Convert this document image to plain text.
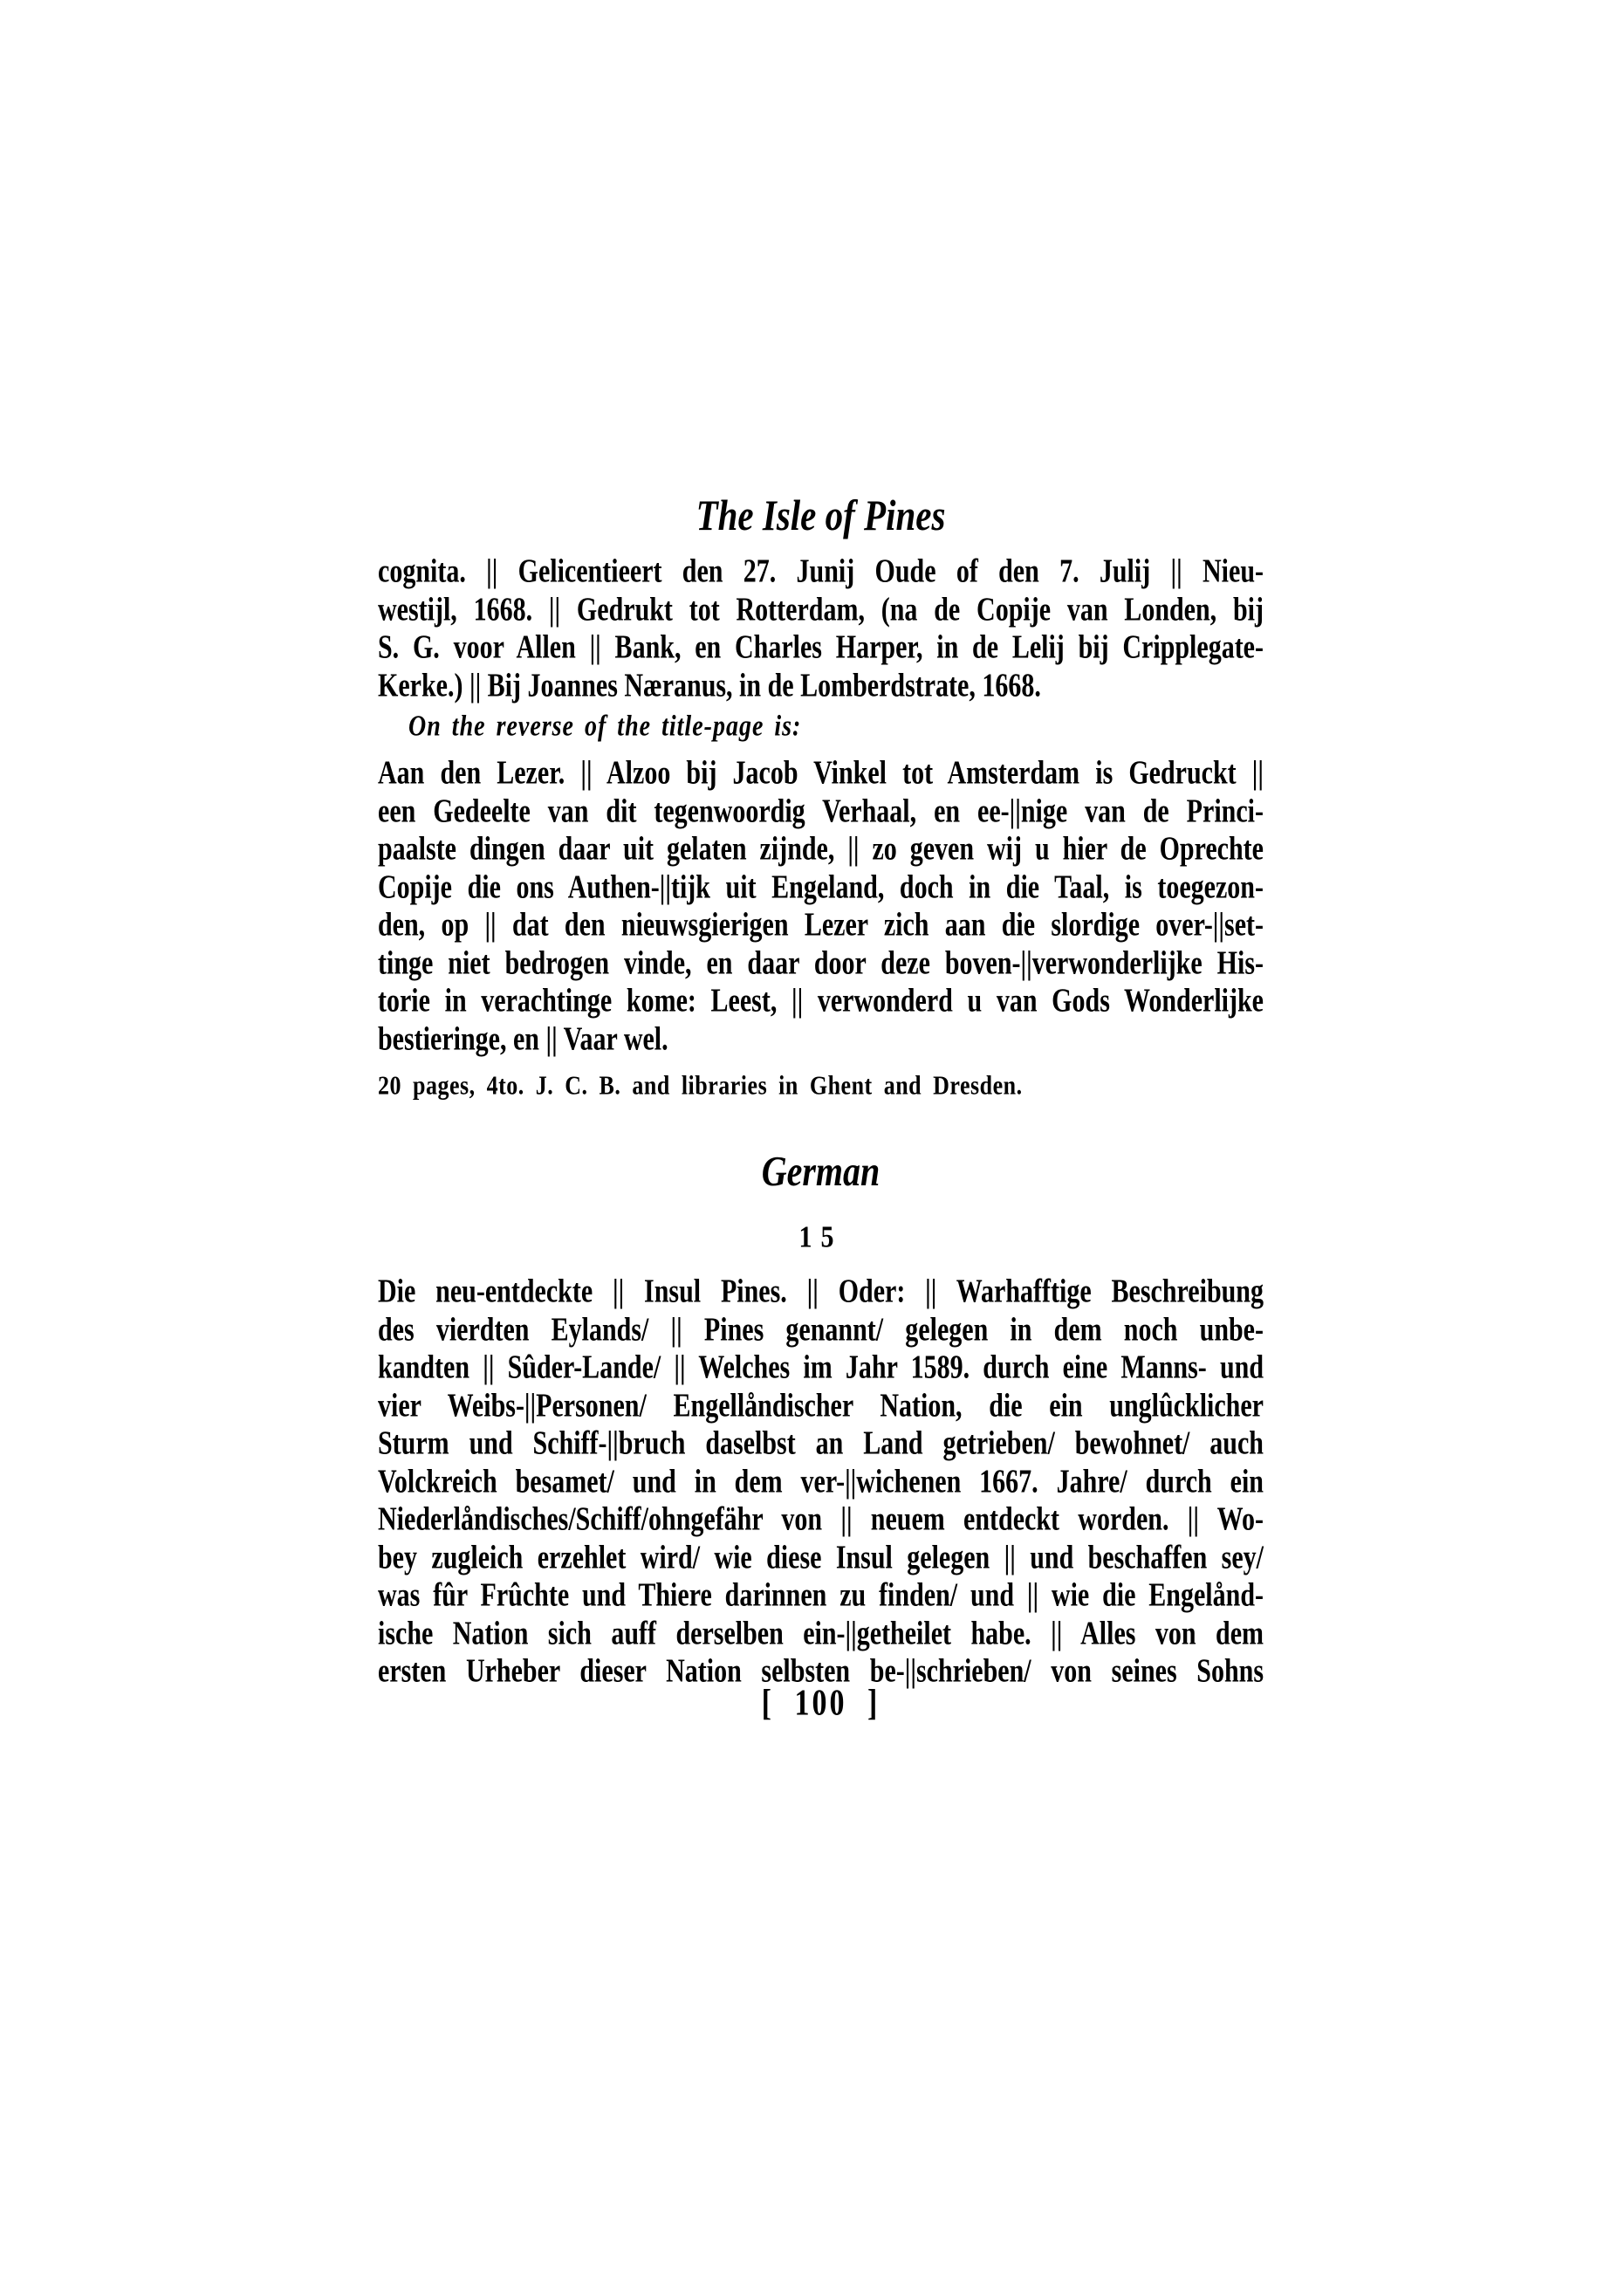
The Isle of Pines
cognita. || Gelicentieert den 27. Junij Oude of den 7. Julij || Nieu-
westijl, 1668. || Gedrukt tot Rotterdam, (na de Copije van Londen, bij
S. G. voor Allen || Bank, en Charles Harper, in de Lelij bij Cripplegate-
Kerke.) || Bij Joannes Næranus, in de Lomberdstrate, 1668.
On the reverse of the title-page is:
Aan den Lezer. || Alzoo bij Jacob Vinkel tot Amsterdam is Gedruckt ||
een Gedeelte van dit tegenwoordig Verhaal, en ee-||nige van de Princi-
paalste dingen daar uit gelaten zijnde, || zo geven wij u hier de Oprechte
Copije die ons Authen-||tijk uit Engeland, doch in die Taal, is toegezon-
den, op || dat den nieuwsgierigen Lezer zich aan die slordige over-||set-
tinge niet bedrogen vinde, en daar door deze boven-||verwonderlijke His-
torie in verachtinge kome: Leest, || verwonderd u van Gods Wonderlijke
bestieringe, en || Vaar wel.
20 pages, 4to. J. C. B. and libraries in Ghent and Dresden.
German
15
Die neu-entdeckte || Insul Pines. || Oder: || Warhafftige Beschreibung
des vierdten Eylands/ || Pines genannt/ gelegen in dem noch unbe-
kandten || Sûder-Lande/ || Welches im Jahr 1589. durch eine Manns- und
vier Weibs-||Personen/ Engellåndischer Nation, die ein unglûcklicher
Sturm und Schiff-||bruch daselbst an Land getrieben/ bewohnet/ auch
Volckreich besamet/ und in dem ver-||wichenen 1667. Jahre/ durch ein
Niederlåndisches/Schiff/ohngefähr von || neuem entdeckt worden. || Wo-
bey zugleich erzehlet wird/ wie diese Insul gelegen || und beschaffen sey/
was fûr Frûchte und Thiere darinnen zu finden/ und || wie die Engelånd-
ische Nation sich auff derselben ein-||getheilet habe. || Alles von dem
ersten Urheber dieser Nation selbsten be-||schrieben/ von seines Sohns
[ 100 ]
